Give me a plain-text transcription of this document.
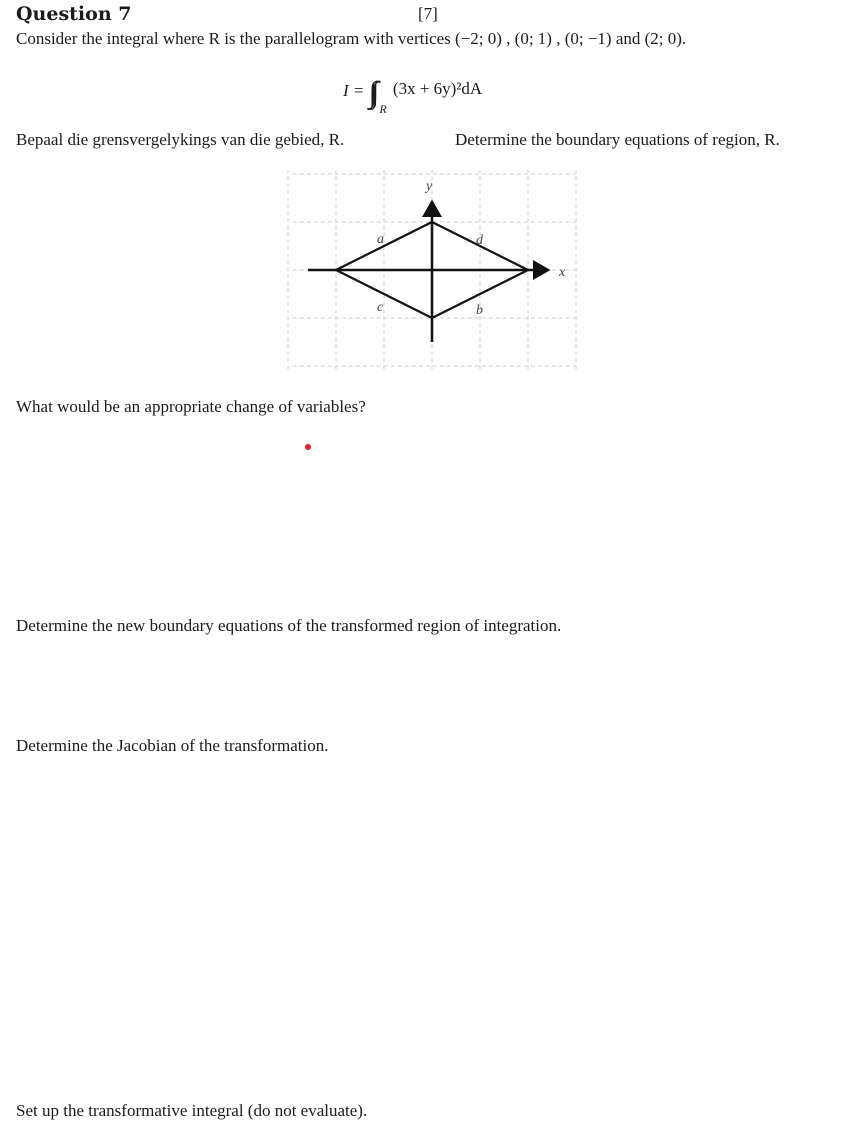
Question 7	[7]
Consider the integral where R is the parallelogram with vertices (−2; 0) , (0; 1) , (0; −1) and (2; 0).
I = ∫∫ $_R$ (3x + 6y)²dA
Bepaal die grensvergelykings van die gebied, R.	Determine the boundary equations of region, R.
x
y
a	d
c	b
What would be an appropriate change of variables?
Determine the new boundary equations of the transformed region of integration.
Determine the Jacobian of the transformation.
Set up the transformative integral (do not evaluate).
